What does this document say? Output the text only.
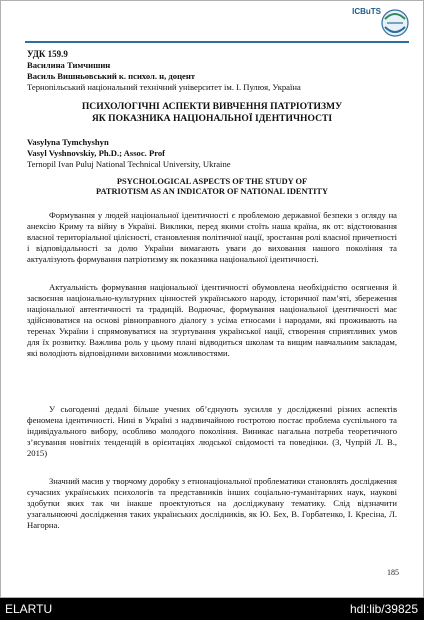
ICBuTS
УДК 159.9
Василина Тимчишин
Василь Вишньовський к. психол. н, доцент
Тернопільський національний технічний університет ім. І. Пулюя, Україна
ПСИХОЛОГІЧНІ АСПЕКТИ ВИВЧЕННЯ ПАТРІОТИЗМУ ЯК ПОКАЗНИКА НАЦІОНАЛЬНОЇ ІДЕНТИЧНОСТІ
Vasylyna Tymchyshyn
Vasyl Vyshnovskiy, Ph.D.; Assoc. Prof
Ternopil Ivan Puluj National Technical University, Ukraine
PSYCHOLOGICAL ASPECTS OF THE STUDY OF PATRIOTISM AS AN INDICATOR OF NATIONAL IDENTITY
Формування у людей національної ідентичності є проблемою державної безпеки з огляду на анексію Криму та війну в Україні. Виклики, перед якими стоїть наша країна, як от: відстоювання власної територіальної цілісності, становлення політичної нації, зростання ролі власної причетності і відповідальності за долю України вимагають уваги до виховання нашого покоління та актуалізують формування патріотизму як показника національної ідентичності.
Актуальність формування національної ідентичності обумовлена необхідністю осягнення й засвоєння національно-культурних цінностей українського народу, історичної пам’яті, збереження національної автентичності та традицій. Водночас, формування національної ідентичності має здійснюватися на основі рівноправного діалогу з усіма етносами і народами, які проживають на теренах України і спрямовуватися на згуртування української нації, створення сприятливих умов для їх розвитку. Важлива роль у цьому плані відводиться школам та вищим навчальним закладам, які володіють відповідними виховними можливостями.
У сьогоденні дедалі більше учених об’єднують зусилля у дослідженні різних аспектів феномена ідентичності. Нині в Україні з надзвичайною гостротою постає проблема суспільного та індивідуального вибору, особливо молодого покоління. Виникає нагальна потреба теоретичного з’ясування новітніх тенденцій в орієнтаціях людської свідомості та поведінки. (3, Чупрій Л. В., 2015)
Значний масив у творчому доробку з етнонаціональної проблематики становлять дослідження сучасних українських психологів та представників інших соціально-гуманітарних наук, наукові здобутки яких так чи інакше проектуються на досліджувану тематику. Слід відзначити узагальнюючі дослідження таких українських дослідників, як Ю. Бех, В. Горбатенко, І. Кресіна, Л. Нагорна.
185
ELARTU	hdl:lib/39825
